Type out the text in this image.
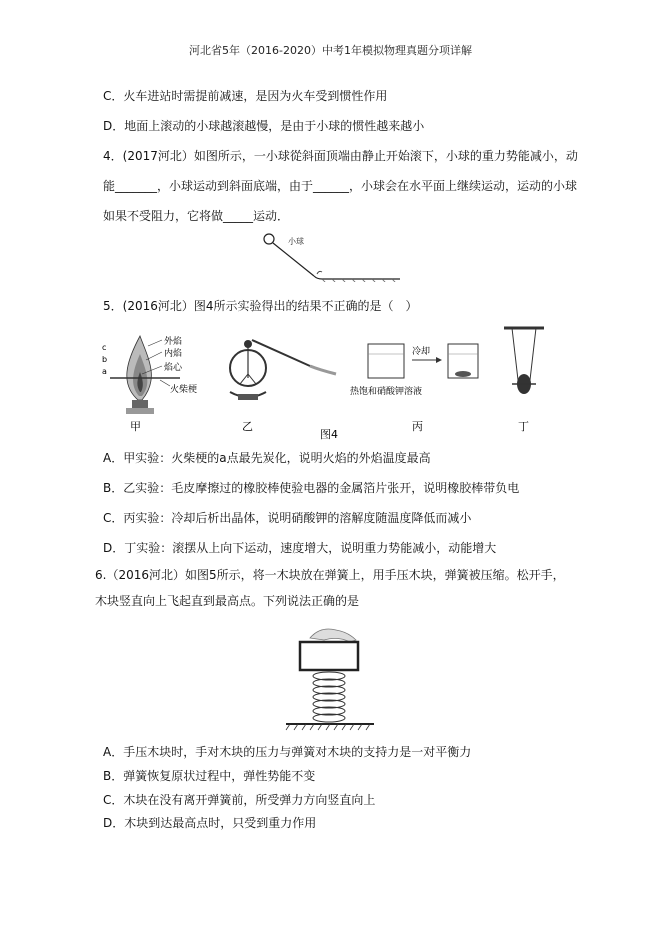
河北省5年（2016-2020）中考1年模拟物理真题分项详解
C．火车进站时需提前减速，是因为火车受到惯性作用
D．地面上滚动的小球越滚越慢，是由于小球的惯性越来越小
4．(2017河北）如图所示，一小球從斜面顶端由静止开始滚下，小球的重力势能减小，动
能_______，小球运动到斜面底端，由于______，小球会在水平面上继续运动，运动的小球
如果不受阻力，它将做_____运动．
小球
5．(2016河北）图4所示实验得出的结果不正确的是（　）
外焰
内焰
焰心
火柴梗
c
b
a
甲	乙
冷却
热饱和硝酸钾溶液
丙	丁
图4
A．甲实验：火柴梗的a点最先炭化，说明火焰的外焰温度最高
B．乙实验：毛皮摩擦过的橡胶棒使验电器的金属箔片张开，说明橡胶棒带负电
C．丙实验：冷却后析出晶体，说明硝酸钾的溶解度随温度降低而减小
D．丁实验：滚摆从上向下运动，速度增大，说明重力势能减小，动能增大
6.（2016河北）如图5所示，将一木块放在弹簧上，用手压木块，弹簧被压缩。松开手，
木块竖直向上飞起直到最高点。下列说法正确的是
A．手压木块时，手对木块的压力与弹簧对木块的支持力是一对平衡力
B．弹簧恢复原状过程中，弹性势能不变
C．木块在没有离开弹簧前，所受弹力方向竖直向上
D．木块到达最高点时，只受到重力作用
